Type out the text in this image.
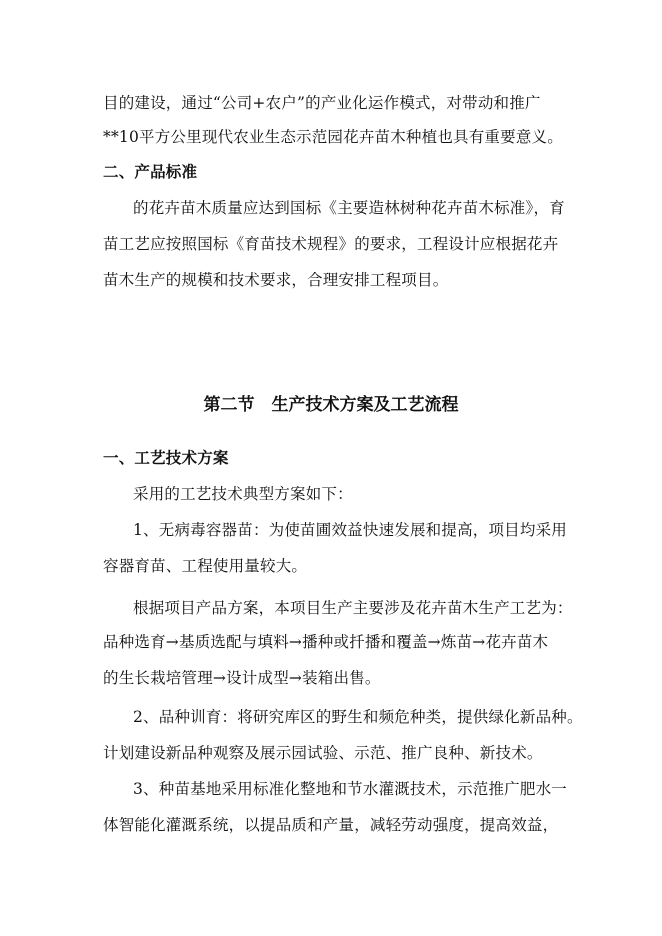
目的建设，通过“公司+农户”的产业化运作模式，对带动和推广
**10平方公里现代农业生态示范园花卉苗木种植也具有重要意义。
二、产品标准
的花卉苗木质量应达到国标《主要造林树种花卉苗木标准》，育
苗工艺应按照国标《育苗技术规程》的要求，工程设计应根据花卉
苗木生产的规模和技术要求，合理安排工程项目。
第二节　生产技术方案及工艺流程
一、工艺技术方案
采用的工艺技术典型方案如下：
1、无病毒容器苗：为使苗圃效益快速发展和提高，项目均采用
容器育苗、工程使用量较大。
根据项目产品方案，本项目生产主要涉及花卉苗木生产工艺为：
品种选育→基质选配与填料→播种或扦播和覆盖→炼苗→花卉苗木
的生长栽培管理→设计成型→装箱出售。
2、品种训育：将研究库区的野生和频危种类，提供绿化新品种。
计划建设新品种观察及展示园试验、示范、推广良种、新技术。
3、种苗基地采用标准化整地和节水灌溉技术，示范推广肥水一
体智能化灌溉系统，以提品质和产量，减轻劳动强度，提高效益，
